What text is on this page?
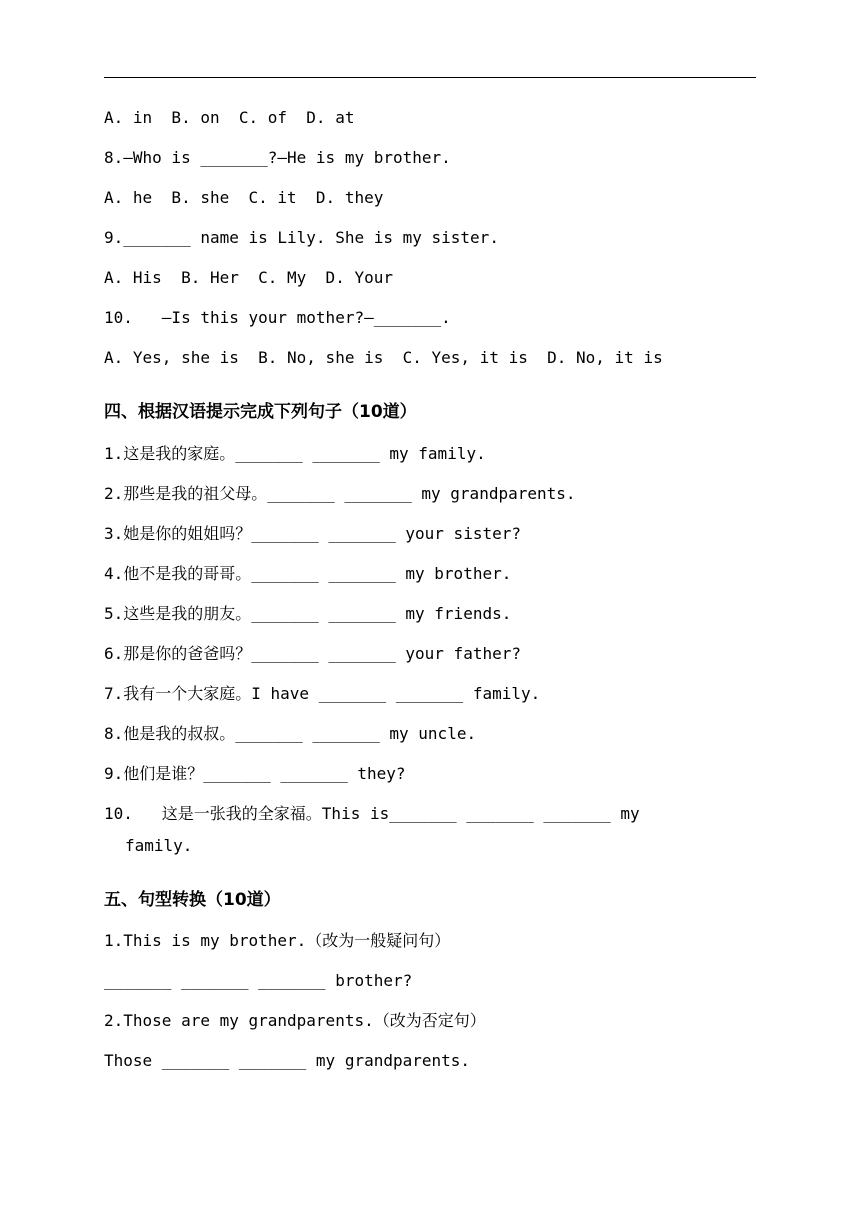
A. in  B. on  C. of  D. at
8.—Who is _______?—He is my brother.
A. he  B. she  C. it  D. they
9._______ name is Lily. She is my sister.
A. His  B. Her  C. My  D. Your
10.   —Is this your mother?—_______.
A. Yes, she is  B. No, she is  C. Yes, it is  D. No, it is
四、根据汉语提示完成下列句子（10道）
1.这是我的家庭。_______ _______ my family.
2.那些是我的祖父母。_______ _______ my grandparents.
3.她是你的姐姐吗？_______ _______ your sister?
4.他不是我的哥哥。_______ _______ my brother.
5.这些是我的朋友。_______ _______ my friends.
6.那是你的爸爸吗？_______ _______ your father?
7.我有一个大家庭。I have _______ _______ family.
8.他是我的叔叔。_______ _______ my uncle.
9.他们是谁？_______ _______ they?
10.   这是一张我的全家福。This is_______ _______ _______ my
family.
五、句型转换（10道）
1.This is my brother.（改为一般疑问句）
_______ _______ _______ brother?
2.Those are my grandparents.（改为否定句）
Those _______ _______ my grandparents.
